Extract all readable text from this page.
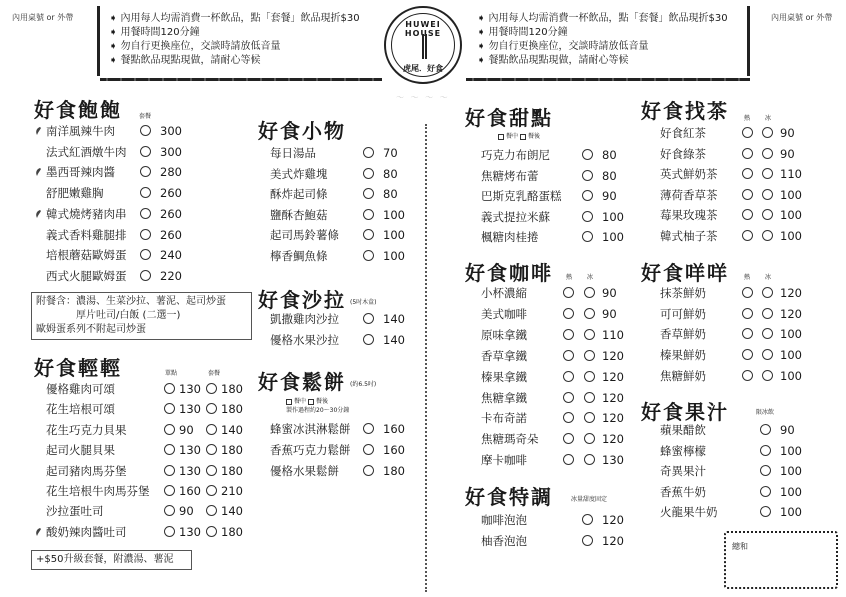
內用桌號 or 外帶	內用桌號 or 外帶
➧ 內用每人均需消費一杯飲品，點「套餐」飲品現折$30
➧ 用餐時間120分鐘
➧ 勿自行更換座位，交談時請放低音量
➧ 餐點飲品現點現做，請耐心等候
➧ 內用每人均需消費一杯飲品，點「套餐」飲品現折$30
➧ 用餐時間120分鐘
➧ 勿自行更換座位，交談時請放低音量
➧ 餐點飲品現點現做，請耐心等候
HUWEI HOUSE
虎尾．好食
〜 〜 〜 〜
好食飽飽	套餐
好食輕輕	單點	套餐
好食小物
好食沙拉 (5吋木盒)
好食鬆餅 (約6.5吋)
餐中 餐後
製作過程約20～30分鐘
好食甜點
餐中 餐後
好食咖啡 熱 冰
好食特調	冰量甜度固定
好食找茶	熱 冰
好食咩咩	熱 冰
好食果汁	限冰飲
附餐含：濃湯、生菜沙拉、薯泥、起司炒蛋
厚片吐司/白飯 (二選一)
歐姆蛋系列不附起司炒蛋
+$50升級套餐，附濃湯、薯泥
總和
南洋風辣牛肉	300
法式紅酒燉牛肉	300
墨西哥辣肉醬	280
舒肥嫩雞胸	260
韓式燒烤豬肉串	260
義式香料雞腿排	260
培根蘑菇歐姆蛋	240
西式火腿歐姆蛋	220
優格雞肉可頌	130 180
花生培根可頌	130 180
花生巧克力貝果	90 140
起司火腿貝果	130 180
起司豬肉馬芬堡	130 180
花生培根牛肉馬芬堡	160 210
沙拉蛋吐司	90 140
酸奶辣肉醬吐司	130 180
每日湯品	70
美式炸雞塊	80
酥炸起司條	80
鹽酥杏鮑菇	100
起司馬鈴薯條	100
檸香鯛魚條	100
凱撒雞肉沙拉	140
優格水果沙拉	140
蜂蜜冰淇淋鬆餅	160
香蕉巧克力鬆餅	160
優格水果鬆餅	180
巧克力布朗尼	80
焦糖烤布蕾	80
巴斯克乳酪蛋糕	90
義式提拉米蘇	100
楓糖肉桂捲	100
小杯濃縮	90
美式咖啡	90
原味拿鐵	110
香草拿鐵	120
榛果拿鐵	120
焦糖拿鐵	120
卡布奇諾	120
焦糖瑪奇朵	120
摩卡咖啡	130
咖啡泡泡	120
柚香泡泡	120
好食紅茶	90
好食綠茶	90
英式鮮奶茶	110
薄荷香草茶	100
莓果玫瑰茶	100
韓式柚子茶	100
抹茶鮮奶	120
可可鮮奶	120
香草鮮奶	100
榛果鮮奶	100
焦糖鮮奶	100
蘋果醋飲	90
蜂蜜檸檬	100
奇異果汁	100
香蕉牛奶	100
火龍果牛奶	100
